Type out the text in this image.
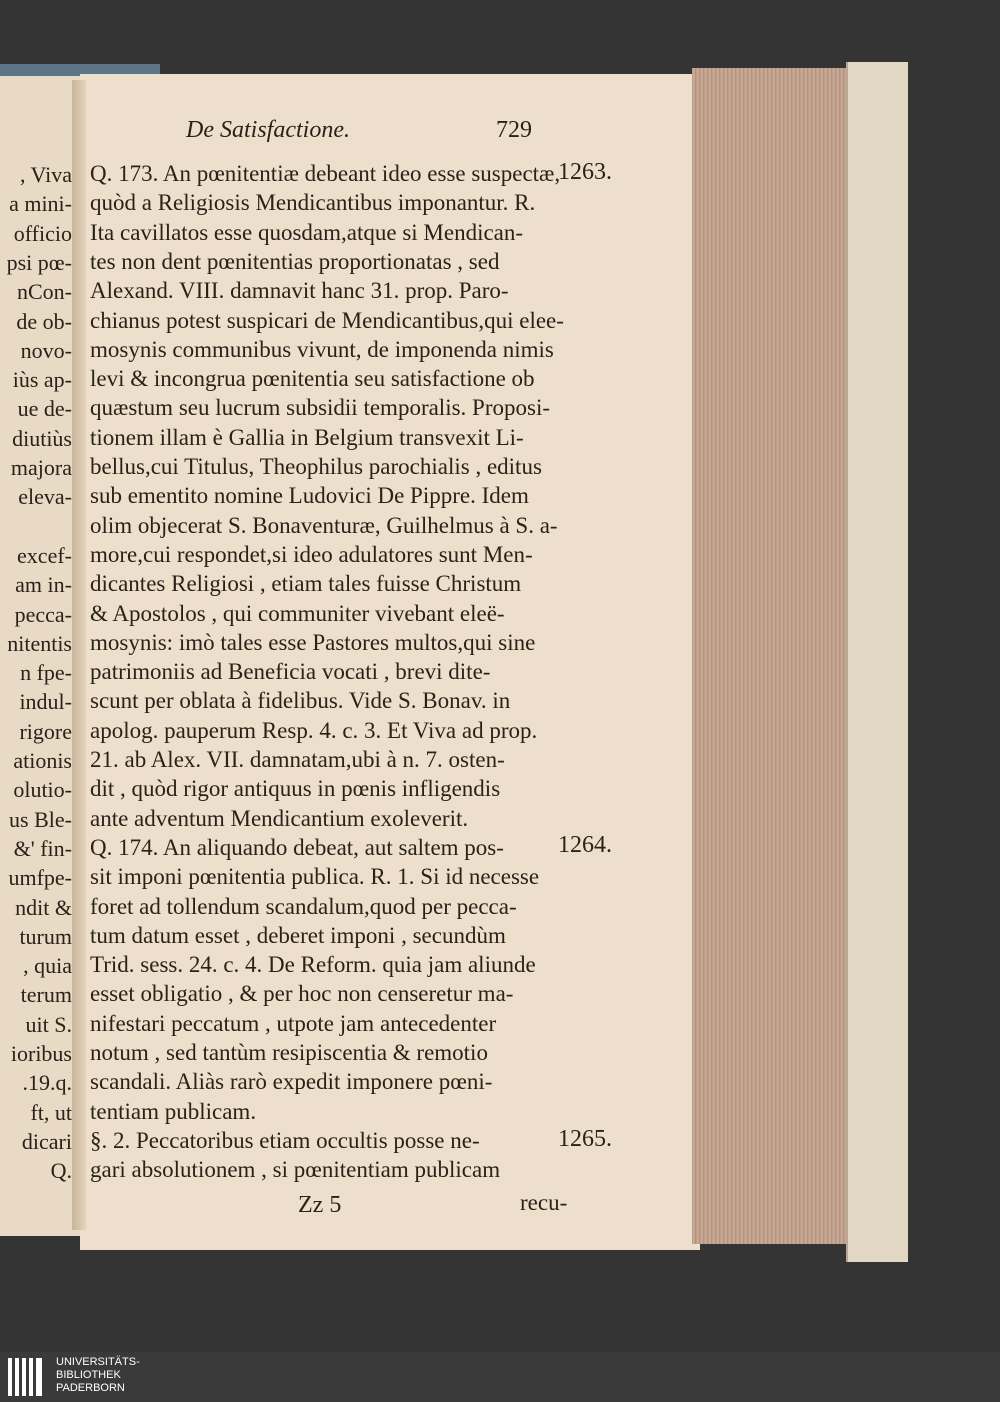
, Viva
a mini-
officio
psi pœ-
nCon-
de ob-
novo-
iùs ap-
ue de-
diutiùs
majora
eleva-
excef-
am in-
pecca-
nitentis
n fpe-
indul-
rigore
ationis
olutio-
us Ble-
&' fin-
umfpe-
ndit &
turum
, quia
terum
uit S.
ioribus
.19.q.
ft, ut
dicari
Q.
De Satisfactione.	729
Q. 173. An pœnitentiæ debeant ideo esse suspectæ,
quòd a Religiosis Mendicantibus imponantur. R.
Ita cavillatos esse quosdam,atque si Mendican-
tes non dent pœnitentias proportionatas , sed
Alexand. VIII. damnavit hanc 31. prop. Paro-
chianus potest suspicari de Mendicantibus,qui elee-
mosynis communibus vivunt, de imponenda nimis
levi & incongrua pœnitentia seu satisfactione ob
quæstum seu lucrum subsidii temporalis. Proposi-
tionem illam è Gallia in Belgium transvexit Li-
bellus,cui Titulus, Theophilus parochialis , editus
sub ementito nomine Ludovici De Pippre. Idem
olim objecerat S. Bonaventuræ, Guilhelmus à S. a-
more,cui respondet,si ideo adulatores sunt Men-
dicantes Religiosi , etiam tales fuisse Christum
& Apostolos , qui communiter vivebant eleë-
mosynis: imò tales esse Pastores multos,qui sine
patrimoniis ad Beneficia vocati , brevi dite-
scunt per oblata à fidelibus. Vide S. Bonav. in
apolog. pauperum Resp. 4. c. 3. Et Viva ad prop.
21. ab Alex. VII. damnatam,ubi à n. 7. osten-
dit , quòd rigor antiquus in pœnis infligendis
ante adventum Mendicantium exoleverit.
Q. 174. An aliquando debeat, aut saltem pos-
sit imponi pœnitentia publica. R. 1. Si id necesse
foret ad tollendum scandalum,quod per pecca-
tum datum esset , deberet imponi , secundùm
Trid. sess. 24. c. 4. De Reform. quia jam aliunde
esset obligatio , & per hoc non censeretur ma-
nifestari peccatum , utpote jam antecedenter
notum , sed tantùm resipiscentia & remotio
scandali. Aliàs rarò expedit imponere pœni-
tentiam publicam.
§. 2. Peccatoribus etiam occultis posse ne-
gari absolutionem , si pœnitentiam publicam
1263.
1264.
1265.
Zz 5	recu-
UNIVERSITÄTS-
BIBLIOTHEK
PADERBORN
